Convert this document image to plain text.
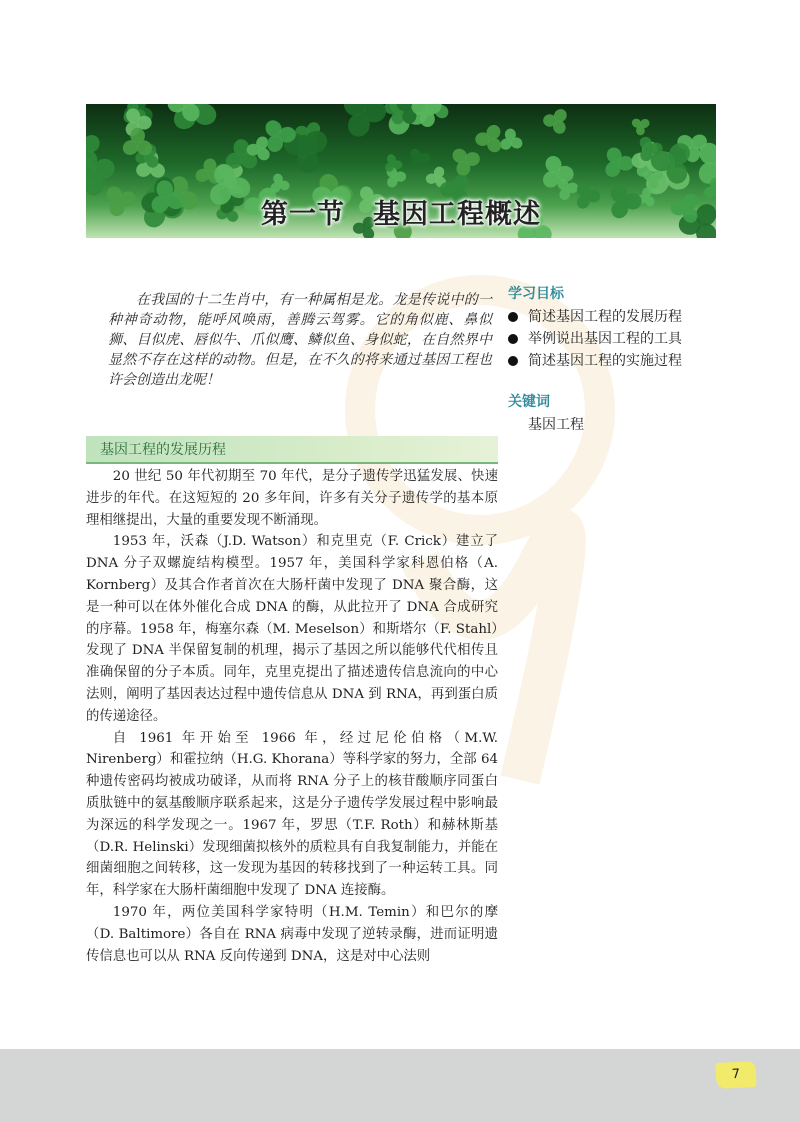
第一节　基因工程概述

在我国的十二生肖中，有一种属相是龙。龙是传说中的一种神奇动物，能呼风唤雨，善腾云驾雾。它的角似鹿、鼻似狮、目似虎、唇似牛、爪似鹰、鳞似鱼、身似蛇，在自然界中显然不存在这样的动物。但是，在不久的将来通过基因工程也许会创造出龙呢！

学习目标
简述基因工程的发展历程
举例说出基因工程的工具
简述基因工程的实施过程
关键词
基因工程
基因工程的发展历程

20 世纪 50 年代初期至 70 年代，是分子遗传学迅猛发展、快速进步的年代。在这短短的 20 多年间，许多有关分子遗传学的基本原理相继提出，大量的重要发现不断涌现。

1953 年，沃森（J.D. Watson）和克里克（F. Crick）建立了 DNA 分子双螺旋结构模型。1957 年，美国科学家科恩伯格（A. Kornberg）及其合作者首次在大肠杆菌中发现了 DNA 聚合酶，这是一种可以在体外催化合成 DNA 的酶，从此拉开了 DNA 合成研究的序幕。1958 年，梅塞尔森（M. Meselson）和斯塔尔（F. Stahl）发现了 DNA 半保留复制的机理，揭示了基因之所以能够代代相传且准确保留的分子本质。同年，克里克提出了描述遗传信息流向的中心法则，阐明了基因表达过程中遗传信息从 DNA 到 RNA，再到蛋白质的传递途径。

自 1961 年开始至 1966 年，经过尼伦伯格（M.W. Nirenberg）和霍拉纳（H.G. Khorana）等科学家的努力，全部 64 种遗传密码均被成功破译，从而将 RNA 分子上的核苷酸顺序同蛋白质肽链中的氨基酸顺序联系起来，这是分子遗传学发展过程中影响最为深远的科学发现之一。1967 年，罗思（T.F. Roth）和赫林斯基（D.R. Helinski）发现细菌拟核外的质粒具有自我复制能力，并能在细菌细胞之间转移，这一发现为基因的转移找到了一种运转工具。同年，科学家在大肠杆菌细胞中发现了 DNA 连接酶。

1970 年，两位美国科学家特明（H.M. Temin）和巴尔的摩（D. Baltimore）各自在 RNA 病毒中发现了逆转录酶，进而证明遗传信息也可以从 RNA 反向传递到 DNA，这是对中心法则

7
